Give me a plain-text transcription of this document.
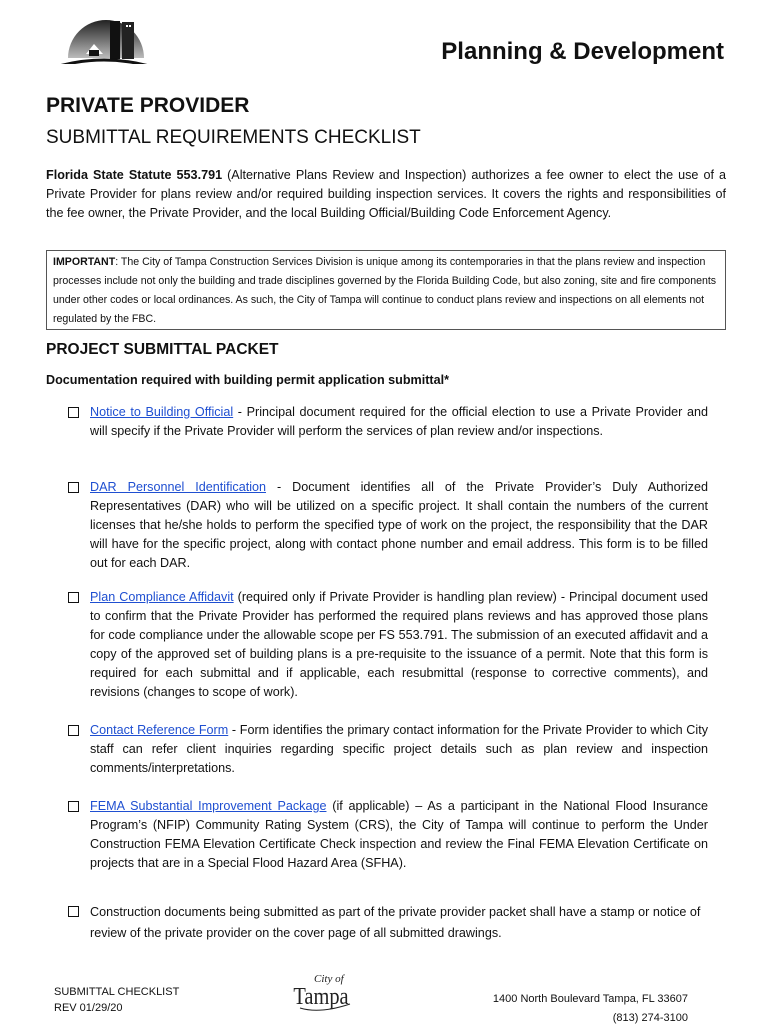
Planning & Development
PRIVATE PROVIDER
SUBMITTAL REQUIREMENTS CHECKLIST
Florida State Statute 553.791 (Alternative Plans Review and Inspection) authorizes a fee owner to elect the use of a Private Provider for plans review and/or required building inspection services. It covers the rights and responsibilities of the fee owner, the Private Provider, and the local Building Official/Building Code Enforcement Agency.
IMPORTANT: The City of Tampa Construction Services Division is unique among its contemporaries in that the plans review and inspection processes include not only the building and trade disciplines governed by the Florida Building Code, but also zoning, site and fire components under other codes or local ordinances. As such, the City of Tampa will continue to conduct plans review and inspections on all elements not regulated by the FBC.
PROJECT SUBMITTAL PACKET
Documentation required with building permit application submittal*
Notice to Building Official - Principal document required for the official election to use a Private Provider and will specify if the Private Provider will perform the services of plan review and/or inspections.
DAR Personnel Identification - Document identifies all of the Private Provider’s Duly Authorized Representatives (DAR) who will be utilized on a specific project. It shall contain the numbers of the current licenses that he/she holds to perform the specified type of work on the project, the responsibility that the DAR will have for the specific project, along with contact phone number and email address. This form is to be filled out for each DAR.
Plan Compliance Affidavit (required only if Private Provider is handling plan review) - Principal document used to confirm that the Private Provider has performed the required plans reviews and has approved those plans for code compliance under the allowable scope per FS 553.791. The submission of an executed affidavit and a copy of the approved set of building plans is a pre-requisite to the issuance of a permit. Note that this form is required for each submittal and if applicable, each resubmittal (response to corrective comments), and revisions (changes to scope of work).
Contact Reference Form - Form identifies the primary contact information for the Private Provider to which City staff can refer client inquiries regarding specific project details such as plan review and inspection comments/interpretations.
FEMA Substantial Improvement Package (if applicable) – As a participant in the National Flood Insurance Program’s (NFIP) Community Rating System (CRS), the City of Tampa will continue to perform the Under Construction FEMA Elevation Certificate Check inspection and review the Final FEMA Elevation Certificate on projects that are in a Special Flood Hazard Area (SFHA).
Construction documents being submitted as part of the private provider packet shall have a stamp or notice of review of the private provider on the cover page of all submitted drawings.
SUBMITTAL CHECKLIST
REV 01/29/20
City of
Tampa	1400 North Boulevard Tampa, FL 33607
(813) 274-3100
